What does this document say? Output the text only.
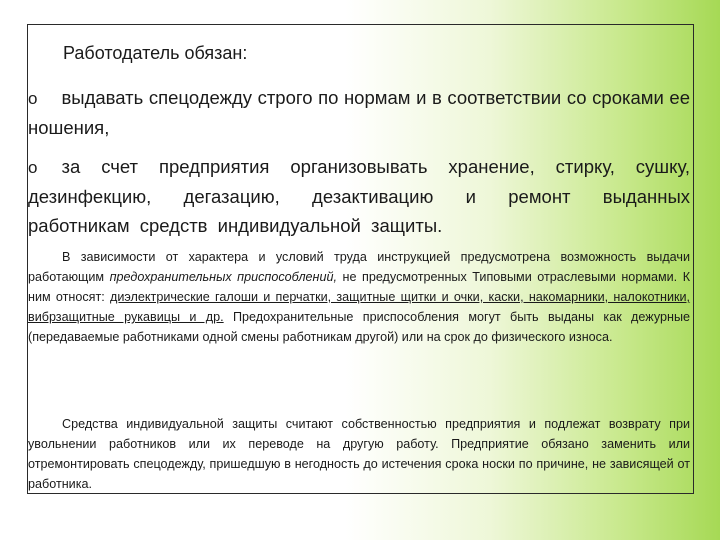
Работодатель обязан:

o выдавать спецодежду строго по нормам и в соответствии со сроками ее ношения,

o за счет предприятия организовывать хранение, стирку, сушку, дезинфекцию, дегазацию, дезактивацию и ремонт выданных работникам средств индивидуальной защиты.

В зависимости от характера и условий труда инструкцией предусмотрена возможность выдачи работающим предохранительных приспособлений, не предусмотренных Типовыми отраслевыми нормами. К ним относят: диэлектрические галоши и перчатки, защитные щитки и очки, каски, накомарники, налокотники, вибрзащитные рукавицы и др. Предохранительные приспособления могут быть выданы как дежурные (передаваемые работниками одной смены работникам другой) или на срок до физического износа.

Средства индивидуальной защиты считают собственностью предприятия и подлежат возврату при увольнении работников или их переводе на другую работу. Предприятие обязано заменить или отремонтировать спецодежду, пришедшую в негодность до истечения срока носки по причине, не зависящей от работника.
